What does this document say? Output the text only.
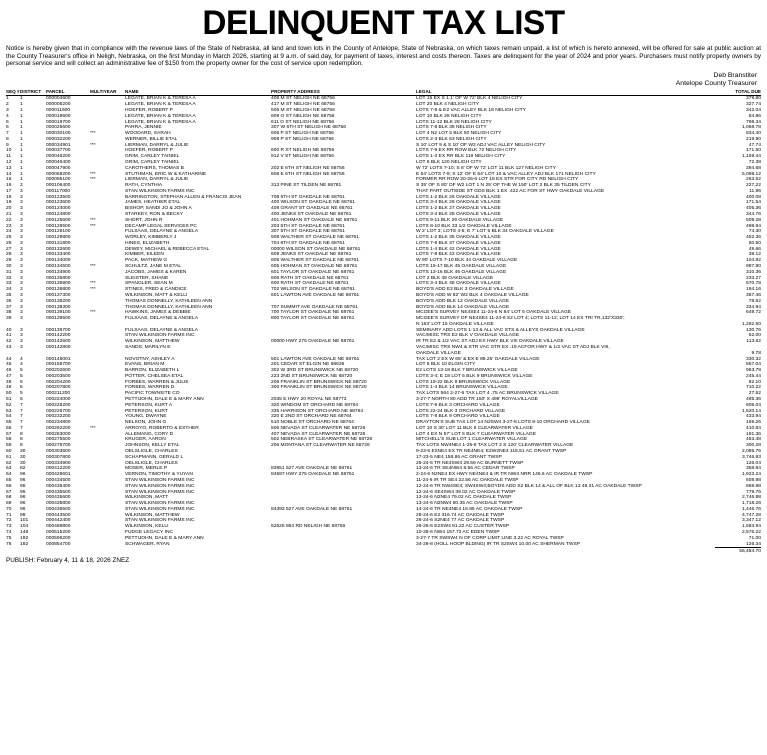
DELINQUENT TAX LIST

Notice is hereby given that in compliance with the revenue laws of the State of Nebraska, all land and town lots in the County of Antelope, State of Nebraska, on which taxes remain unpaid, a list of which is hereto annexed, will be offered for sale at public auction at the County Treasurer's office in Neligh, Nebraska, on the first Monday in March 2026, starting at 9 a.m. of said day, for payment of taxes, interest and costs thereon. Taxes are delinquent for the year of 2024 and prior years. Purchasers must notify property owners by personal service and will collect an administrative fee of $150 from the property owner for the cost of service upon redemption.

Deb Branstiter
Antelope County Treasurer
SEQ #	DISTRICT	PARCEL	MULTIYEAR	NAME	PROPERTY ADDRESS	LEGAL	TOTAL DUE
1	1	000004600		LEGATE, BRIAN K & TERESA A	405 M ST NELIGH NE 68756	LOT 15 EX S 1.1' OF W 72' BLK 4 NELIGH CITY	379.80
2	1	000005200		LEGATE, BRIAN K & TERESA A	417 M ST NELIGH NE 68756	LOT 20 BLK 4 NELIGH CITY	327.74
3	1	000011600		HOEFER, ROBERT P	506 M ST NELIGH NE 68756	LOTS 7-8 & E2 VAC ALLEY BLK 18 NELIGH CITY	342.04
4	1	000019600		LEGATE, BRIAN K & TERESA A	609 O ST NELIGH NE 68756	LOT 10 BLK 28 NELIGH CITY	84.86
5	1	000019700		LEGATE, BRIAN K & TERESA A	611 O ST NELIGH NE 68756	LOTS 11-12 BLK 28 NELIGH CITY	798.34
6	1	000025600		PARRA, JENNIE	307 W 6TH ST NELIGH NE 68756	LOTS 7-8 BLK 38 NELIGH CITY	1,068.78
7	1	000030100	***	WOODARD, SARAH	606 P ST NELIGH NE 68756	LOT 4 N2 LOT 5 BLK 50 NELIGH CITY	834.40
8	1	000032200		WERNER, BILLIE ETAL	908 P ST NELIGH NE 68756	LOTS 2-3 BLK 53 NELIGH CITY	219.90
9	1	000034901	***	LIERMAN, DARRYL & JULIE		S 10' LOT 9 & S 10' OF W2 ADJ VAC ALLEY NELIGH CITY	47.74
10	1	000037700		HOEFER, ROBERT P	600 R ST NELIGH NE 68756	LOTS 7-9 EX RR ROW BLK 72 NELIGH CITY	171.50
11	1	000046200		GRIM, CARLEY TAINIEL	912 V ST NELIGH NE 68756	LOTS 1-3 EX RR BLK 119 NELIGH CITY	1,159.44
12	1	000046400		GRIM, CARLEY TAINIEL		LOT 6 BLK 120 NELIGH CITY	72.38
13	1	000047900		CAROTHERS, THOMAS B	202 E 6TH ST NELIGH NE 68756	W 72' LOTS 7-10; S 6' OF W 72' LOT 11 BLK 127 NELIGH CITY	394.68
14	1	000068200	***	STUTHMAN, ERIC W & KATHARINE	608 E 6TH ST NELIGH NE 68756	E 54' LOTS 7-9; S 12' OF E 54' LOT 10 & VAC ALLEY ADJ BLK 171 NELIGH CITY	5,098.12
15	1	000095100	***	LIERMAN, DARRYL & JULIE		FORMER RR ROW 20-25-6 LOT 18 EX STR FOR CITY RD NELIGH CITY	263.52
16	2	000106400		RATH, CYNTHIA	313 PINE ST TILDEN NE 68781	S 35' OF S 80' OF W2 LOT 1 N 25' OF THE W 150' LOT 2 BLK 35 TILDEN CITY	227.22
17	3	000117000		STAN WILKINSON FARMS INC		THAT PART OUTSIDE ST GDS BLK 1 EX .422 AC FOR ST HWY OAKDALE VILLAGE	11.96
18	3	000123500		BARRINGTON, STEPHAN ALLEN & FRANCIS JEAN	708 5TH ST OAKDALE NE 68761	LOTS 1-2 BLK 26 OAKDALE VILLAGE	400.08
19	3	000123600		JAMES, HEATHER ETAL	400 WILSON ST OAKDALE NE 68761	LOTS 3-4 BLK 26 OAKDALE VILLAGE	171.54
20	3	000124000		BISHOP, SANDI JO & JOHN A	408 GRANT ST OAKDALE NE 68761	LOTS 1-2 BLK 27 OAKDALE VILLAGE	405.36
21	3	000124800		STARKEY, RON & BECKY	400 JENKS ST OAKDALE NE 68761	LOTS 3-4 BLK 28 OAKDALE VILLAGE	344.76
22	3	000125600	***	SHORT, JOHN R	401 HOHMAN ST OAKDALE NE 68761	LOTS 9-11 BLK 29 OAKDALE VILLAGE	509.28
23	3	000128500	***	DECAMP LEGAL SERVICES PC	203 5TH ST OAKDALE NE 68761	LOTS 8-10 BLK 33 1/2 OAKDALE VILLAGE	498.94
24	3	000129100		FULSAAS, DELAYNE & ANGELA	307 5TH ST OAKDALE NE 68761	W 2' LOT 3; LOTS 4-5; E 7' LOT 6 BLK 34 OAKDALE VILLAGE	74.30
25	3	000129800		WORLEY, KIMBERLY J	508 WALTHER ST OAKDALE NE 68761	LOTS 1-2 BLK 35 OAKDALE VILLAGE	452.36
26	3	000131800		HINES, ELIZABETH	704 6TH ST OAKDALE NE 68761	LOTS 7-8 BLK 37 OAKDALE VILLAGE	50.50
27	3	000132600		DEWEY, MICHAEL & REBECCA ETAL	00000 WILSON ST OAKDALE NE 68761	LOTS 1-4 BLK 42 OAKDALE VILLAGE	49.66
28	3	000133400		KIMBER, EILEEN	609 JENKS ST OAKDALE NE 68761	LOTS 7-8 BLK 43 OAKDALE VILLAGE	38.12
29	3	000134000		PACK, MATHEW G	605 WALTHER ST OAKDALE NE 68761	W 90' LOTS 7-10 BLK 44 OAKDALE VILLAGE	104.92
30	3	000134500	***	SCHULTZ, JANE M ETAL	605 HOHMAN ST OAKDALE NE 68761	LOTS 15-17 BLK 45 OAKDALE VILLAGE	987.90
31	3	000134900		JACOBS, JAMES & KAREN	601 TAYLOR ST OAKDALE NE 68761	LOTS 13-16 BLK 46 OAKDALE VILLAGE	310.36
32	3	000135800		SLEISTER, SHANE	606 RATH ST OAKDALE NE 68761	LOT 2 BLK 48 OAKDALE VILLAGE	233.27
33	3	000135900	***	SPANGLER, SEAN M	600 RATH ST OAKDALE NE 68761	LOTS 3-4 BLK 48 OAKDALE VILLAGE	670.78
34	3	000136800	***	STINES, FRED & CANDICE	702 WILSON ST OAKDALE NE 68761	BOYD'S ADD E2 BLK 3 OAKDALE VILLAGE	194.16
35	3	000137300		WILKINSON, MATT & KELLI	601 LAWTON AVE OAKDALE NE 68761	BOYD'S ADD W 82' W2 BLK 4 OAKDALE VILLAGE	367.46
36	3	000138200		THOMAS DONNELLY, KATHLEEN ANN		BOYD'S ADD BLK 12 OAKDALE VILLAGE	78.62
37	3	000138300		THOMAS DONNELLY, KATHLEEN ANN	707 SUMMIT AVE OAKDALE NE 68761	BOYD'S ADD BLK 14 OAKDALE VILLAGE	334.94
38	3	000139100	***	HAWKINS, JAMES & DEBBIE	700 TAYLOR ST OAKDALE NE 68761	MCGEE'S SURVEY NE4SE4 11-24-6 N 84' LOT 5 OAKDALE VILLAGE	649.72
39	3	000139500		FULSAAS, DELAYNE & ANGELA	800 TAYLOR ST OAKDALE NE 68761	MCGEE'S SURVEY OF NE4SE4 11-24-6 S2 LOT 4; LOTS 11-12; LOT 14 EX TRI TR,132'X330';	
						N 163' LOT 15 OAKDALE VILLAGE	1,292.50
40	3	000139700		FULSAAS, DELAYNE & ANGELA		SEMINARY ADD LOTS 1-13 & ALL VAC STS & ALLEYS OAKDALE VILLAGE	130.76
41	3	000142200		STAN WILKINSON FARMS INC		VAC/MISC TRS E2 BLK V OAKDALE VILLAGE	52.00
42	3	000142600		WILKINSON, MATTHEW	00000 HWY 275 OAKDALE NE 68761	IR TR E2 & 1/2 VAC ST ADJ EX HWY BLK VIII OAKDALE VILLAGE	113.62
43	3	000142800		SANDS, MARILYN E		VAC/MISC TRS NW4 & STR VAC STR EX .19 ACFOR HWY & 1/2 VAC ST ADJ BLK VIII,	
						OAKDALE VILLAGE	9.78
44	4	000145001		NOVOTNY, ASHLEY A	501 LAWTON AVE OAKDALE NE 68761	TAX LOT 2 EX W 65' & EX E 89.25' OAKDALE VILLAGE	330.32
45	4	000158700		EVANS, BRIAN M	201 CEDAR ST ELGIN NE 68636	LOT 6 BLK 10 ELGIN CITY	667.04
46	5	000202600		BARRON, ELIZABETH L	302 W 3RD ST BRUNSWICK NE 68720	E2 LOTS 13-18 BLK 7 BRUNSWICK VILLAGE	963.78
47	5	000203500		POTTER, CHELSEA ETAL	223 2ND ST BRUNSWICK NE 68720	LOTS 3-4; E 18 LOT 5 BLK 9 BRUNSWICK VILLAGE	245.44
48	5	000204200		FORBES, WARREN & JULIE	206 FRANKLIN ST BRUNSWICK NE 68720	LOTS 19-22 BLK 9 BRUNSWICK VILLAGE	82.10
49	5	000207800		FORBES, WARREN D	300 FRANKLIN ST BRUNSWICK NE 68720	LOTS 1-4 BLK 14 BRUNSWICK VILLAGE	710.22
50	5	000211200		PACIFIC TOWNSITE CO		TAX LOTS 564 2-27-6 TAX LOT 4 .75 AC BRUNSWICK VILLAGE	27.52
51	6	000224000		PETTIJOHN, DALE E & MARY ANN	2035 E HWY 20 ROYAL NE 68773	3-27-7 NORTH 80 ADD TR 150' X 499' ROYALVILLAGE	485.36
52	7	000226200		PETERSON, KURT A	320 WINDOM ST ORCHARD NE 68764	LOTS 7-9 BLK 3 ORCHARD VILLAGE	605.04
53	7	000226700		PETERSON, KURT	335 HARRISON ST ORCHARD NE 68764	LOTS 22-24 BLK 3 ORCHARD VILLAGE	1,520.14
54	7	000232200		YOUNG, DWAYNE	320 E 2ND ST ORCHARD NE 68764	LOTS 7-8 BLK 9 ORCHARD VILLAGE	433.94
55	7	000234800		NELSON, JOHN G	510 NOBLE ST ORCHARD NE 68764	DRAYTON'S SUB TAX LOT 14 N2SW4 3-27-8 LOTS 8-10 ORCHARD VILLAGE	169.26
56	7	000262200	***	ARROYO, ROBERTO & ESTHER	506 NEVADA ST CLEARWATER NE 68726	LOT 10 S 30' LOT 11 BLK 6 CLEARWATER VILLAGE	410.84
57	8	000263000		ALLEMANG, CORY D	407 NEVADA ST CLEARWATER NE 68726	LOT 4 EX N 57' LOT 5 BLK 7 CLEARWATER VILLAGE	191.36
58	8	000275500		KRUGER, AARON	502 NEBRASKA ST CLEARWATER NE 68726	MITCHELL'S SUB LOT 1 CLEARWATER VILLAGE	453.48
59	8	000279700		JOHNSON, KELLY ETAL	206 MONTANA ST CLEARWATER NE 68726	TAX LOTS NW4NE4 1-25-8 TAX LOT 2 S 120' CLEARWATER VILLAGE	300.28
60	30	000303600		OELSLIGLE, CHARLES		9-23-5 E2NE4 EX TR NE4NE4; E2W2NE4 115.51 AC GRANT TWSP	2,085.76
61	30	000307800		SCHAPMANN, GERALD L		17-23-5 NE4 158.86 AC GRANT TWSP	3,746.93
62	30	000334900		OELSLIGLE, CHARLES		25-24-5 TR NE4SW4 29.59 AC BURNETT TWSP	126.04
63	82	000412200		MOSER, MERLE P	83951 527 AVE OAKDALE NE 68761	13-24-6 TR SE4NW4 6.56 AC CEDAR TWSP	358.84
64	96	000429601		VERNON, TIMOTHY & YUYAN	84597 HWY 275 OAKDALE NE 68761	2-24-6 N2NE4 EX HWY NE4NE4 & IR TR NW4 NRR 146.6 AC OAKDALE TWSP	1,923.24
65	96	000434500		STAN WILKINSON FARMS INC		11-24-6 IR TR SE4 22.56 AC OAKDALE TWSP	608.98
66	96	000435400		STAN WILKINSON FARMS INC		12-24-6 TR NW4SE4; SW4SW4;BOYDS ADD S2 BLK 14 & ALL OF BLK 13 49.31 AC OAKDALE TWSP	868.98
67	96	000435500		STAN WILKINSON FARMS INC		12-24-6 SE4SW4 39.02 AC OAKDALE TWSP	779.76
68	96	000435600		WILKINSON, MATT		13-24-6 N2NE4 79.02 AC OAKDALE TWSP	2,746.88
69	96	000435800		STAN WILKINSON FARMS INC		13-24-6 N2NW4 80.35 AC OAKDALE TWSP	1,718.26
70	96	000436500		STAN WILKINSON FARMS INC	84393 527 AVE OAKDALE NE 68761	14-24-6 TR NE4NE4 15.85 AC OAKDALE TWSP	1,446.76
71	98	000443500		WILKINSON, MATTHEW		28-24-6 E2 316.74 AC OAKDALE TWSP	4,747.28
72	101	000442400		STAN WILKINSON FARMS INC		26-24-6 S2NE4 77 AC OAKDALE TWSP	3,347.12
73	104	000489800		WILKINSON, KELLI	52625 853 RD NELIGH NE 68756	26-26-6 E2SW4 81.22 AC CUSTER TWSP	1,583.94
74	148	000515200		FUDGE LEGACY INC		10-28-6 NW4 157.73 AC EDEN TWSP	2,576.22
75	192	000596200		PETTIJOHN, DALE E & MARY ANN		3-27-7 TR SWSW4 N OF CORP LIMIT LINE 3.22 AC ROYAL TWSP	71.00
76	192	000854700		SCHWAGER, RYAN		34-28-8 (HOLL HOOP BLDING) IR TR S2SW4 10.00 AC SHERMAN TWSP	126.34
							56,484.70
PUBLISH: February 4, 11 & 18, 2026 ZNEZ
